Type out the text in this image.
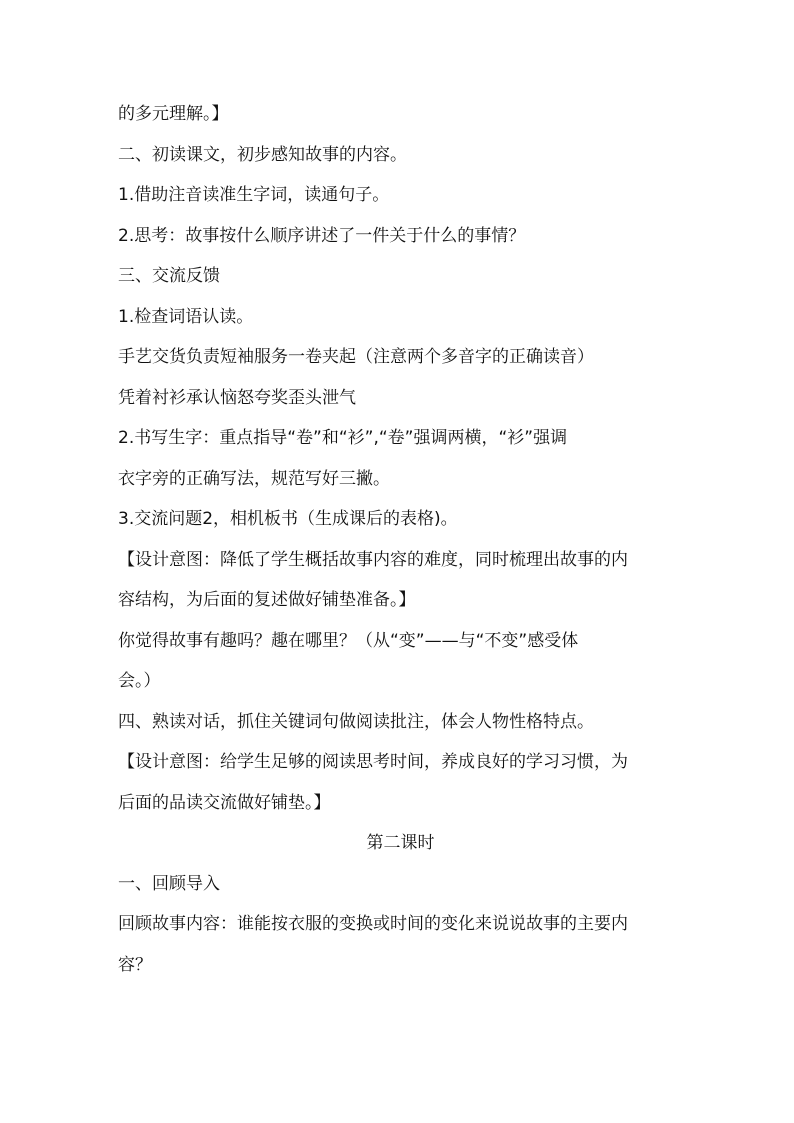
的多元理解。】
二、初读课文，初步感知故事的内容。
1.借助注音读准生字词，读通句子。
2.思考：故事按什么顺序讲述了一件关于什么的事情？
三、交流反馈
1.检查词语认读。
手艺交货负责短袖服务一卷夹起（注意两个多音字的正确读音）
凭着衬衫承认恼怒夸奖歪头泄气
2.书写生字：重点指导“卷”和“衫”,“卷”强调两横，“衫”强调
衣字旁的正确写法，规范写好三撇。
3.交流问题2，相机板书（生成课后的表格)。
【设计意图：降低了学生概括故事内容的难度，同时梳理出故事的内
容结构，为后面的复述做好铺垫准备。】
你觉得故事有趣吗？趣在哪里？（从“变”——与“不变”感受体
会。）
四、熟读对话，抓住关键词句做阅读批注，体会人物性格特点。
【设计意图：给学生足够的阅读思考时间，养成良好的学习习惯，为
后面的品读交流做好铺垫。】
第二课时
一、回顾导入
回顾故事内容：谁能按衣服的变换或时间的变化来说说故事的主要内
容？
